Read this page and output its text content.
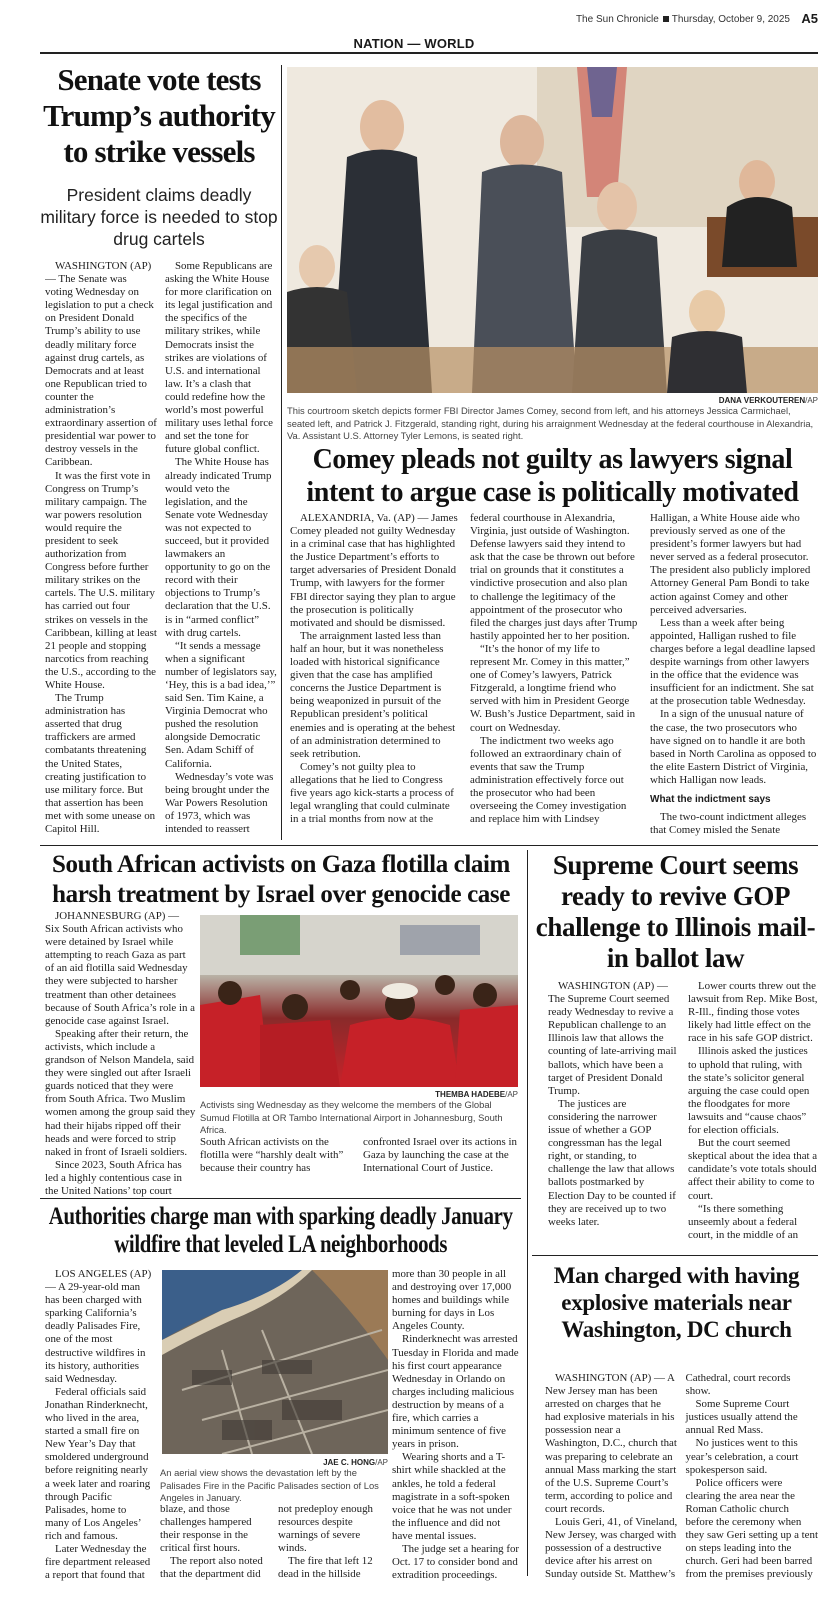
The Sun Chronicle Thursday, October 9, 2025 A5
NATION — WORLD
Senate vote tests Trump’s authority to strike vessels
President claims deadly military force is needed to stop drug cartels

WASHINGTON (AP) — The Senate was voting Wednesday on legislation to put a check on President Donald Trump’s ability to use deadly military force against drug cartels, as Democrats and at least one Republican tried to counter the administration’s extraordinary assertion of presidential war power to destroy vessels in the Caribbean.

It was the first vote in Congress on Trump’s military campaign. The war powers resolution would require the president to seek authorization from Congress before further military strikes on the cartels. The U.S. military has carried out four strikes on vessels in the Caribbean, killing at least 21 people and stopping narcotics from reaching the U.S., according to the White House.

The Trump administration has asserted that drug traffickers are armed combatants threatening the United States, creating justification to use military force. But that assertion has been met with some unease on Capitol Hill.

Some Republicans are asking the White House for more clarification on its legal justification and the specifics of the military strikes, while Democrats insist the strikes are violations of U.S. and international law. It’s a clash that could redefine how the world’s most powerful military uses lethal force and set the tone for future global conflict.

The White House has already indicated Trump would veto the legislation, and the Senate vote Wednesday was not expected to succeed, but it provided lawmakers an opportunity to go on the record with their objections to Trump’s declaration that the U.S. is in “armed conflict” with drug cartels.

“It sends a message when a significant number of legislators say, ‘Hey, this is a bad idea,’” said Sen. Tim Kaine, a Virginia Democrat who pushed the resolution alongside Democratic Sen. Adam Schiff of California.

Wednesday’s vote was being brought under the War Powers Resolution of 1973, which was intended to reassert

DANA VERKOUTEREN/AP
This courtroom sketch depicts former FBI Director James Comey, second from left, and his attorneys Jessica Carmichael, seated left, and Patrick J. Fitzgerald, standing right, during his arraignment Wednesday at the federal courthouse in Alexandria, Va. Assistant U.S. Attorney Tyler Lemons, is seated right.
Comey pleads not guilty as lawyers signal intent to argue case is politically motivated

ALEXANDRIA, Va. (AP) — James Comey pleaded not guilty Wednesday in a criminal case that has highlighted the Justice Department’s efforts to target adversaries of President Donald Trump, with lawyers for the former FBI director saying they plan to argue the prosecution is politically motivated and should be dismissed.

The arraignment lasted less than half an hour, but it was nonetheless loaded with historical significance given that the case has amplified concerns the Justice Department is being weaponized in pursuit of the Republican president’s political enemies and is operating at the behest of an administration determined to seek retribution.

Comey’s not guilty plea to allegations that he lied to Congress five years ago kick-starts a process of legal wrangling that could culminate in a trial months from now at the federal courthouse in Alexandria, Virginia, just outside of Washington. Defense lawyers said they intend to ask that the case be thrown out before trial on grounds that it constitutes a vindictive prosecution and also plan to challenge the legitimacy of the appointment of the prosecutor who filed the charges just days after Trump hastily appointed her to her position.

“It’s the honor of my life to represent Mr. Comey in this matter,” one of Comey’s lawyers, Patrick Fitzgerald, a longtime friend who served with him in President George W. Bush’s Justice Department, said in court on Wednesday.

The indictment two weeks ago followed an extraordinary chain of events that saw the Trump administration effectively force out the prosecutor who had been overseeing the Comey investigation and replace him with Lindsey Halligan, a White House aide who previously served as one of the president’s former lawyers but had never served as a federal prosecutor. The president also publicly implored Attorney General Pam Bondi to take action against Comey and other perceived adversaries.

Less than a week after being appointed, Halligan rushed to file charges before a legal deadline lapsed despite warnings from other lawyers in the office that the evidence was insufficient for an indictment. She sat at the prosecution table Wednesday.

In a sign of the unusual nature of the case, the two prosecutors who have signed on to handle it are both based in North Carolina as opposed to the elite Eastern District of Virginia, which Halligan now leads.

What the indictment says

The two-count indictment alleges that Comey misled the Senate

South African activists on Gaza flotilla claim harsh treatment by Israel over genocide case

JOHANNESBURG (AP) — Six South African activists who were detained by Israel while attempting to reach Gaza as part of an aid flotilla said Wednesday they were subjected to harsher treatment than other detainees because of South Africa’s role in a genocide case against Israel.

Speaking after their return, the activists, which include a grandson of Nelson Mandela, said they were singled out after Israeli guards noticed that they were from South Africa. Two Muslim women among the group said they had their hijabs ripped off their heads and were forced to strip naked in front of Israeli soldiers.

Since 2023, South Africa has led a highly contentious case in the United Nations’ top court

THEMBA HADEBE/AP
Activists sing Wednesday as they welcome the members of the Global Sumud Flotilla at OR Tambo International Airport in Johannesburg, South Africa.

South African activists on the flotilla were “harshly dealt with” because their country has confronted Israel over its actions in Gaza by launching the case at the International Court of Justice.

Supreme Court seems ready to revive GOP challenge to Illinois mail-in ballot law

WASHINGTON (AP) — The Supreme Court seemed ready Wednesday to revive a Republican challenge to an Illinois law that allows the counting of late-arriving mail ballots, which have been a target of President Donald Trump.

The justices are considering the narrower issue of whether a GOP congressman has the legal right, or standing, to challenge the law that allows ballots postmarked by Election Day to be counted if they are received up to two weeks later.

Lower courts threw out the lawsuit from Rep. Mike Bost, R-Ill., finding those votes likely had little effect on the race in his safe GOP district.

Illinois asked the justices to uphold that ruling, with the state’s solicitor general arguing the case could open the floodgates for more lawsuits and “cause chaos” for election officials.

But the court seemed skeptical about the idea that a candidate’s vote totals should affect their ability to come to court.

“Is there something unseemly about a federal court, in the middle of an

Authorities charge man with sparking deadly January wildfire that leveled LA neighborhoods

LOS ANGELES (AP) — A 29-year-old man has been charged with sparking California’s deadly Palisades Fire, one of the most destructive wildfires in its history, authorities said Wednesday.

Federal officials said Jonathan Rinderknecht, who lived in the area, started a small fire on New Year’s Day that smoldered underground before reigniting nearly a week later and roaring through Pacific Palisades, home to many of Los Angeles’ rich and famous.

Later Wednesday the fire department released a report that found that

JAE C. HONG/AP
An aerial view shows the devastation left by the Palisades Fire in the Pacific Palisades section of Los Angeles in January.

blaze, and those challenges hampered their response in the critical first hours.

The report also noted that the department did not predeploy enough resources despite warnings of severe winds.

The fire that left 12 dead in the hillside

more than 30 people in all and destroying over 17,000 homes and buildings while burning for days in Los Angeles County.

Rinderknecht was arrested Tuesday in Florida and made his first court appearance Wednesday in Orlando on charges including malicious destruction by means of a fire, which carries a minimum sentence of five years in prison.

Wearing shorts and a T-shirt while shackled at the ankles, he told a federal magistrate in a soft-spoken voice that he was not under the influence and did not have mental issues.

The judge set a hearing for Oct. 17 to consider bond and extradition proceedings.

Man charged with having explosive materials near Washington, DC church

WASHINGTON (AP) — A New Jersey man has been arrested on charges that he had explosive materials in his possession near a Washington, D.C., church that was preparing to celebrate an annual Mass marking the start of the U.S. Supreme Court’s term, according to police and court records.

Louis Geri, 41, of Vineland, New Jersey, was charged with possession of a destructive device after his arrest on Sunday outside St. Matthew’s Cathedral, court records show.

Some Supreme Court justices usually attend the annual Red Mass.

No justices went to this year’s celebration, a court spokesperson said.

Police officers were clearing the area near the Roman Catholic church before the ceremony when they saw Geri setting up a tent on steps leading into the church. Geri had been barred from the premises previously
